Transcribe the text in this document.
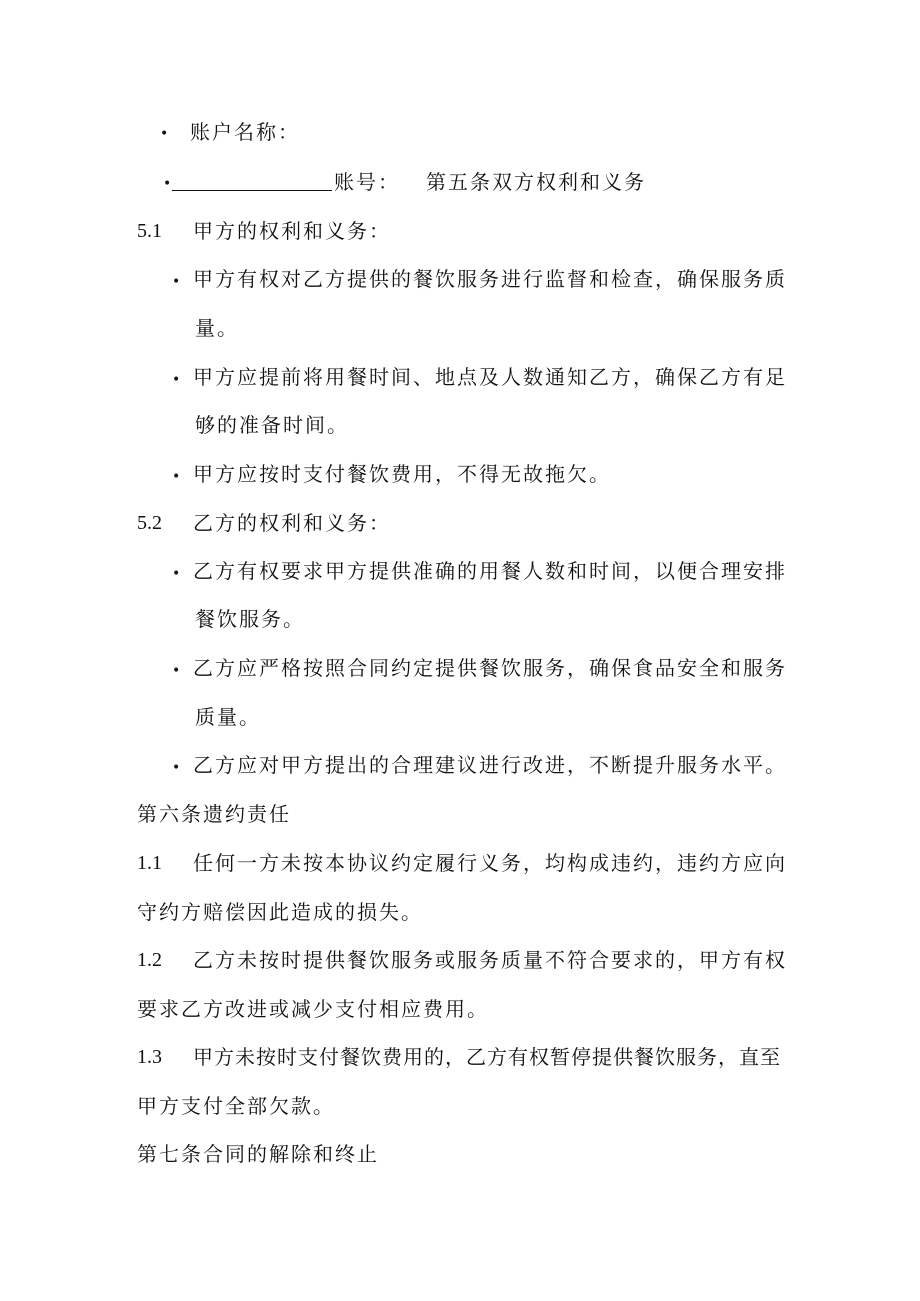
• 账户名称：
•	账号： 第五条双方权利和义务
5.1 甲方的权利和义务：
• 甲方有权对乙方提供的餐饮服务进行监督和检查，确保服务质
量。
• 甲方应提前将用餐时间、地点及人数通知乙方，确保乙方有足
够的准备时间。
• 甲方应按时支付餐饮费用，不得无故拖欠。
5.2 乙方的权利和义务：
• 乙方有权要求甲方提供准确的用餐人数和时间，以便合理安排
餐饮服务。
• 乙方应严格按照合同约定提供餐饮服务，确保食品安全和服务
质量。
• 乙方应对甲方提出的合理建议进行改进，不断提升服务水平。
第六条遗约责任
1.1 任何一方未按本协议约定履行义务，均构成违约，违约方应向
守约方赔偿因此造成的损失。
1.2 乙方未按时提供餐饮服务或服务质量不符合要求的，甲方有权
要求乙方改进或减少支付相应费用。
1.3 甲方未按时支付餐饮费用的，乙方有权暂停提供餐饮服务，直至
甲方支付全部欠款。
第七条合同的解除和终止
